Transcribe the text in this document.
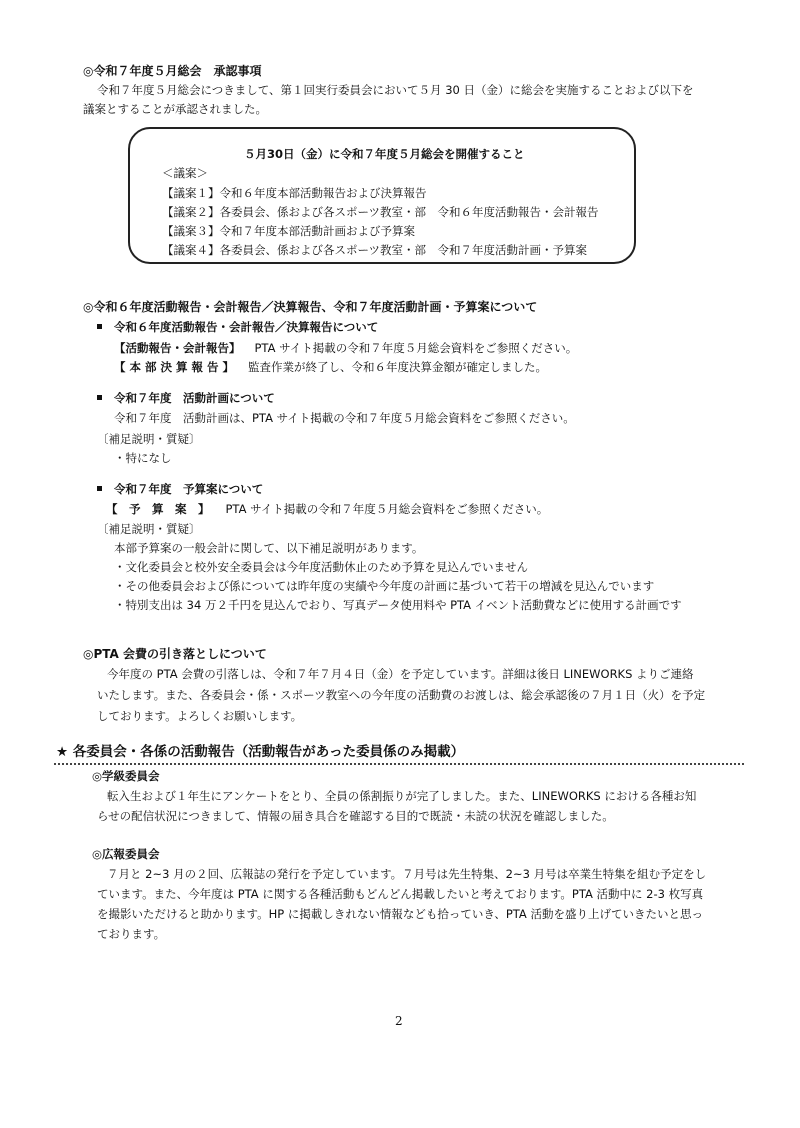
◎令和７年度５月総会　承認事項
令和７年度５月総会につきまして、第１回実行委員会において５月 30 日（金）に総会を実施することおよび以下を
議案とすることが承認されました。
５月30日（金）に令和７年度５月総会を開催すること
＜議案＞
【議案１】令和６年度本部活動報告および決算報告
【議案２】各委員会、係および各スポーツ教室・部　令和６年度活動報告・会計報告
【議案３】令和７年度本部活動計画および予算案
【議案４】各委員会、係および各スポーツ教室・部　令和７年度活動計画・予算案
◎令和６年度活動報告・会計報告／決算報告、令和７年度活動計画・予算案について
令和６年度活動報告・会計報告／決算報告について
【活動報告・会計報告】 PTA サイト掲載の令和７年度５月総会資料をご参照ください。
【 本 部 決 算 報 告 】 監査作業が終了し、令和６年度決算金額が確定しました。
令和７年度　活動計画について
令和７年度　活動計画は、PTA サイト掲載の令和７年度５月総会資料をご参照ください。
〔補足説明・質疑〕
・特になし
令和７年度　予算案について
【　予　算　案　】 PTA サイト掲載の令和７年度５月総会資料をご参照ください。
〔補足説明・質疑〕
本部予算案の一般会計に関して、以下補足説明があります。
・文化委員会と校外安全委員会は今年度活動休止のため予算を見込んでいません
・その他委員会および係については昨年度の実績や今年度の計画に基づいて若干の増減を見込んでいます
・特別支出は 34 万２千円を見込んでおり、写真データ使用料や PTA イベント活動費などに使用する計画です
◎PTA 会費の引き落としについて
今年度の PTA 会費の引落しは、令和７年７月４日（金）を予定しています。詳細は後日 LINEWORKS よりご連絡
いたします。また、各委員会・係・スポーツ教室への今年度の活動費のお渡しは、総会承認後の７月１日（火）を予定
しております。よろしくお願いします。
★ 各委員会・各係の活動報告（活動報告があった委員係のみ掲載）
◎学級委員会
転入生および１年生にアンケートをとり、全員の係割振りが完了しました。また、LINEWORKS における各種お知
らせの配信状況につきまして、情報の届き具合を確認する目的で既読・未読の状況を確認しました。
◎広報委員会
７月と 2~3 月の２回、広報誌の発行を予定しています。７月号は先生特集、2~3 月号は卒業生特集を組む予定をし
ています。また、今年度は PTA に関する各種活動もどんどん掲載したいと考えております。PTA 活動中に 2-3 枚写真
を撮影いただけると助かります。HP に掲載しきれない情報なども拾っていき、PTA 活動を盛り上げていきたいと思っ
ております。
2
